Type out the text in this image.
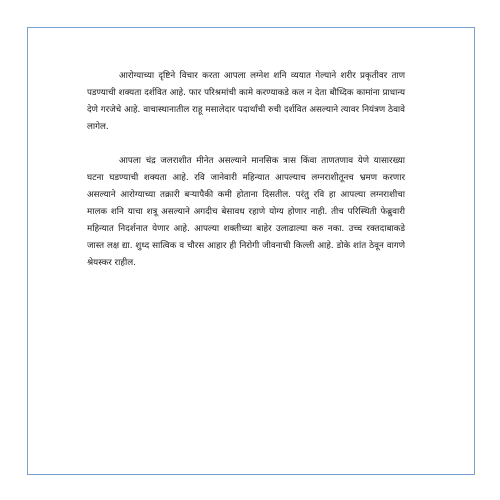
आरोग्याच्या दृष्टिने विचार करता आपला लग्नेश शनि व्ययात गेल्याने शरीर प्रकृतीवर ताण पडण्याची शक्यता दर्शवित आहे. फार परिश्रमांची कामे करण्याकडे कल न देता बौध्दिक कामांना प्राधान्य देणे गरजेचे आहे. वाचास्थानातील राहू मसालेदार पदार्थांची रुची दर्शवित असल्याने त्यावर नियंत्रण ठेवावे लागेल.

आपला चंद्र जलराशीत मीनेत असल्याने मानसिक त्रास किंवा ताणतणाव येणे यासारख्या घटना घडण्याची शक्यता आहे. रवि जानेवारी महिन्यात आपल्याच लग्नराशीतूनच भ्रमण करणार असल्याने आरोग्याच्या तक्रारी बऱ्यापैकी कमी होताना दिसतील. परंतु रवि हा आपल्या लग्नराशीचा मालक शनि याचा शत्रू असल्याने अगदीच बेसावध रहाणे योग्य होणार नाही. तीच परिस्थिती फेब्रुवारी महिन्यात निदर्शनात येणार आहे. आपल्या शक्तीच्या बाहेर उलाढाल्या करु नका. उच्च रक्तदाबाकडे जास्त लक्ष द्या. शुध्द सात्विक व चौरस आहार ही निरोगी जीवनाची किल्ली आहे. डोके शांत ठेवून वागणे श्रेयस्कर राहील.
